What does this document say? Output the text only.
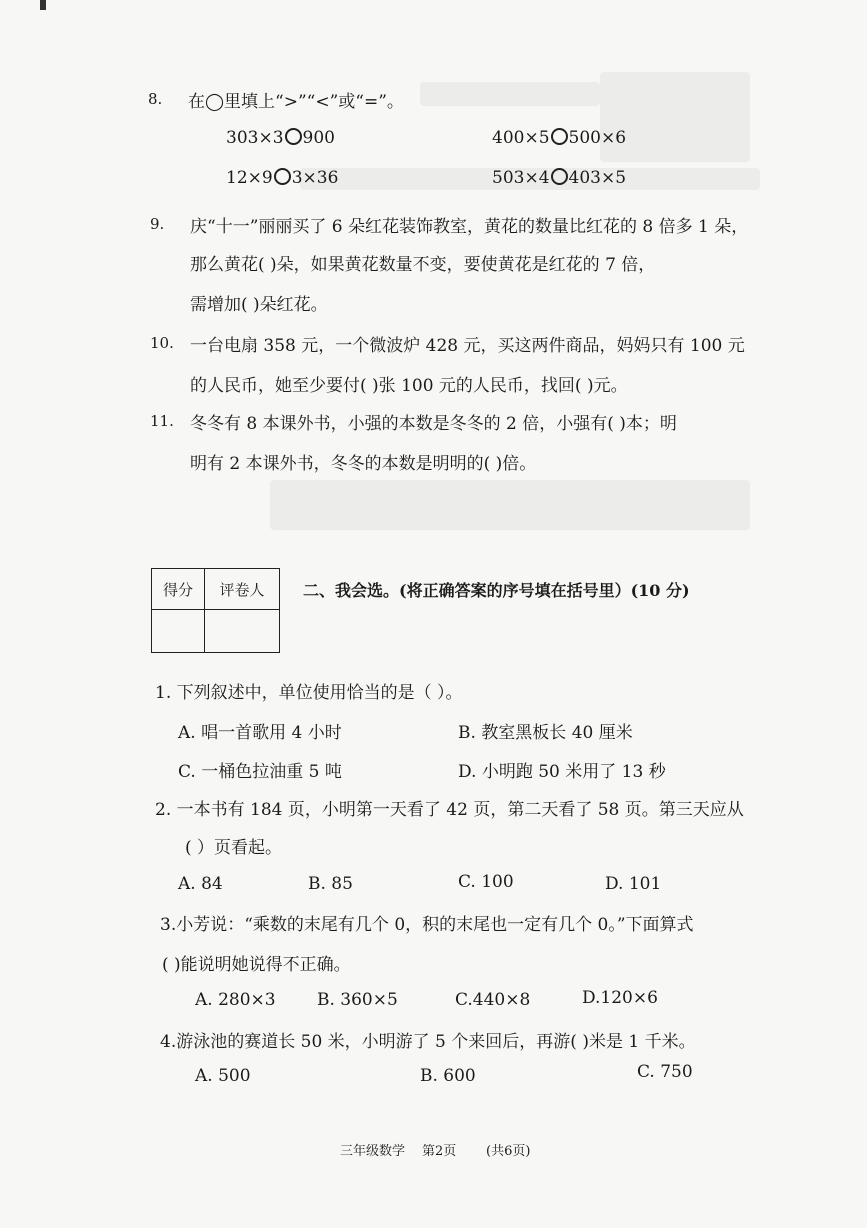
8. 在◯里填上“>”“<”或“=”。
303×3 900	400×5 500×6
12×9 3×36	503×4 403×5
9. 庆“十一”丽丽买了 6 朵红花装饰教室，黄花的数量比红花的 8 倍多 1 朵，
那么黄花( )朵，如果黄花数量不变，要使黄花是红花的 7 倍，
需增加( )朵红花。
10. 一台电扇 358 元，一个微波炉 428 元，买这两件商品，妈妈只有 100 元
的人民币，她至少要付( )张 100 元的人民币，找回( )元。
11. 冬冬有 8 本课外书，小强的本数是冬冬的 2 倍，小强有( )本；明
明有 2 本课外书，冬冬的本数是明明的( )倍。
得分	评卷人
	二、我会选。(将正确答案的序号填在括号里）(10 分)
1. 下列叙述中，单位使用恰当的是（ ）。
A. 唱一首歌用 4 小时	B. 教室黑板长 40 厘米
C. 一桶色拉油重 5 吨	D. 小明跑 50 米用了 13 秒
2. 一本书有 184 页，小明第一天看了 42 页，第二天看了 58 页。第三天应从
( ）页看起。
A. 84	B. 85	C. 100	D. 101
3.小芳说：“乘数的末尾有几个 0，积的末尾也一定有几个 0。”下面算式
( )能说明她说得不正确。
A. 280×3 B. 360×5	C.440×8	D.120×6
4.游泳池的赛道长 50 米，小明游了 5 个来回后，再游( )米是 1 千米。
A. 500	B. 600	C. 750
三年级数学 第2页 (共6页)
